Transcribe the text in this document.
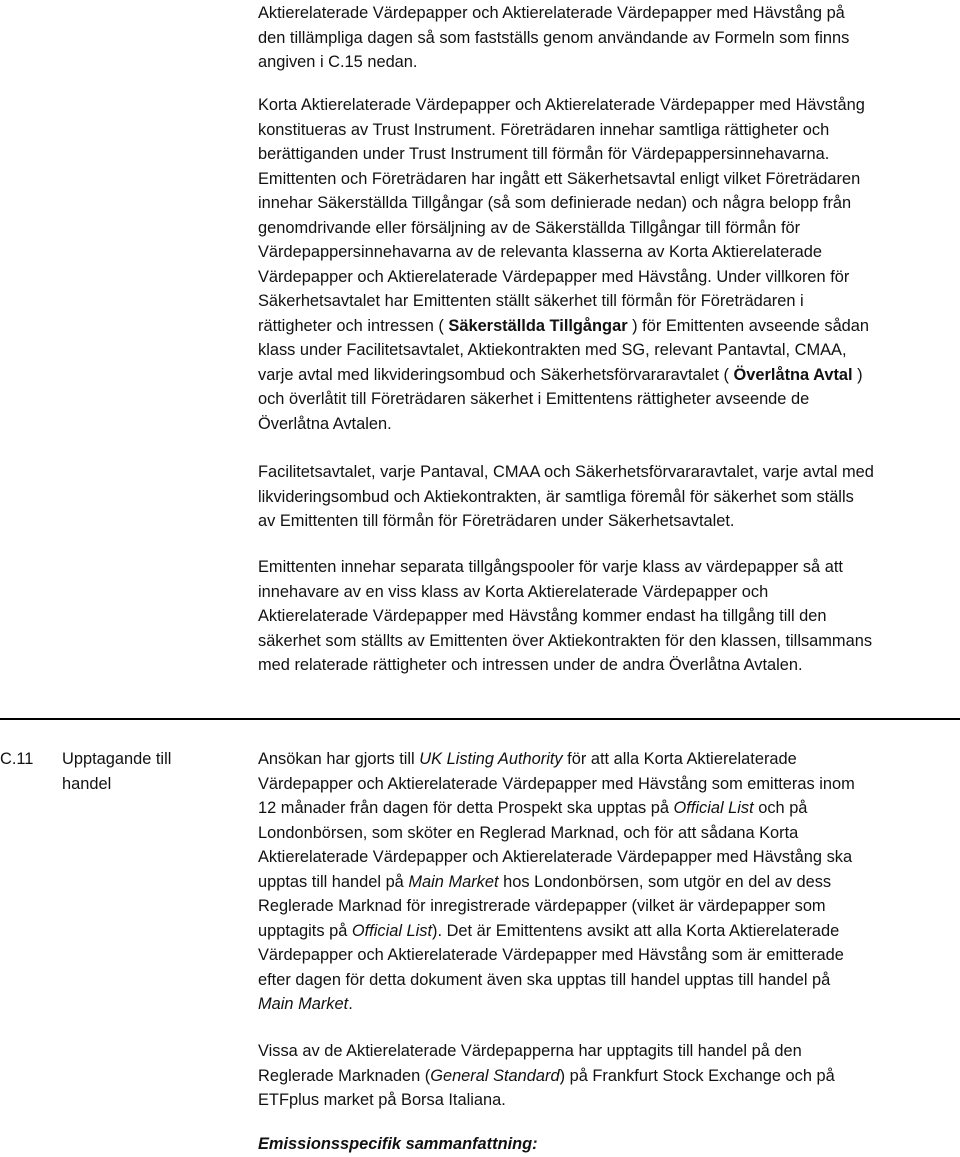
Aktierelaterade Värdepapper och Aktierelaterade Värdepapper med Hävstång på
den tillämpliga dagen så som fastställs genom användande av Formeln som finns
angiven i C.15 nedan.
Korta Aktierelaterade Värdepapper och Aktierelaterade Värdepapper med Hävstång
konstitueras av Trust Instrument. Företrädaren innehar samtliga rättigheter och
berättiganden under Trust Instrument till förmån för Värdepappersinnehavarna.
Emittenten och Företrädaren har ingått ett Säkerhetsavtal enligt vilket Företrädaren
innehar Säkerställda Tillgångar (så som definierade nedan) och några belopp från
genomdrivande eller försäljning av de Säkerställda Tillgångar till förmån för
Värdepappersinnehavarna av de relevanta klasserna av Korta Aktierelaterade
Värdepapper och Aktierelaterade Värdepapper med Hävstång. Under villkoren för
Säkerhetsavtalet har Emittenten ställt säkerhet till förmån för Företrädaren i
rättigheter och intressen ( Säkerställda Tillgångar ) för Emittenten avseende sådan
klass under Facilitetsavtalet, Aktiekontrakten med SG, relevant Pantavtal, CMAA,
varje avtal med likvideringsombud och Säkerhetsförvararavtalet ( Överlåtna Avtal )
och överlåtit till Företrädaren säkerhet i Emittentens rättigheter avseende de
Överlåtna Avtalen.
Facilitetsavtalet, varje Pantaval, CMAA och Säkerhetsförvararavtalet, varje avtal med
likvideringsombud och Aktiekontrakten, är samtliga föremål för säkerhet som ställs
av Emittenten till förmån för Företrädaren under Säkerhetsavtalet.
Emittenten innehar separata tillgångspooler för varje klass av värdepapper så att
innehavare av en viss klass av Korta Aktierelaterade Värdepapper och
Aktierelaterade Värdepapper med Hävstång kommer endast ha tillgång till den
säkerhet som ställts av Emittenten över Aktiekontrakten för den klassen, tillsammans
med relaterade rättigheter och intressen under de andra Överlåtna Avtalen.
C.11	Upptagande till
handel
Ansökan har gjorts till UK Listing Authority för att alla Korta Aktierelaterade
Värdepapper och Aktierelaterade Värdepapper med Hävstång som emitteras inom
12 månader från dagen för detta Prospekt ska upptas på Official List och på
Londonbörsen, som sköter en Reglerad Marknad, och för att sådana Korta
Aktierelaterade Värdepapper och Aktierelaterade Värdepapper med Hävstång ska
upptas till handel på Main Market hos Londonbörsen, som utgör en del av dess
Reglerade Marknad för inregistrerade värdepapper (vilket är värdepapper som
upptagits på Official List). Det är Emittentens avsikt att alla Korta Aktierelaterade
Värdepapper och Aktierelaterade Värdepapper med Hävstång som är emitterade
efter dagen för detta dokument även ska upptas till handel upptas till handel på
Main Market.
Vissa av de Aktierelaterade Värdepapperna har upptagits till handel på den
Reglerade Marknaden (General Standard) på Frankfurt Stock Exchange och på
ETFplus market på Borsa Italiana.
Emissionsspecifik sammanfattning:
